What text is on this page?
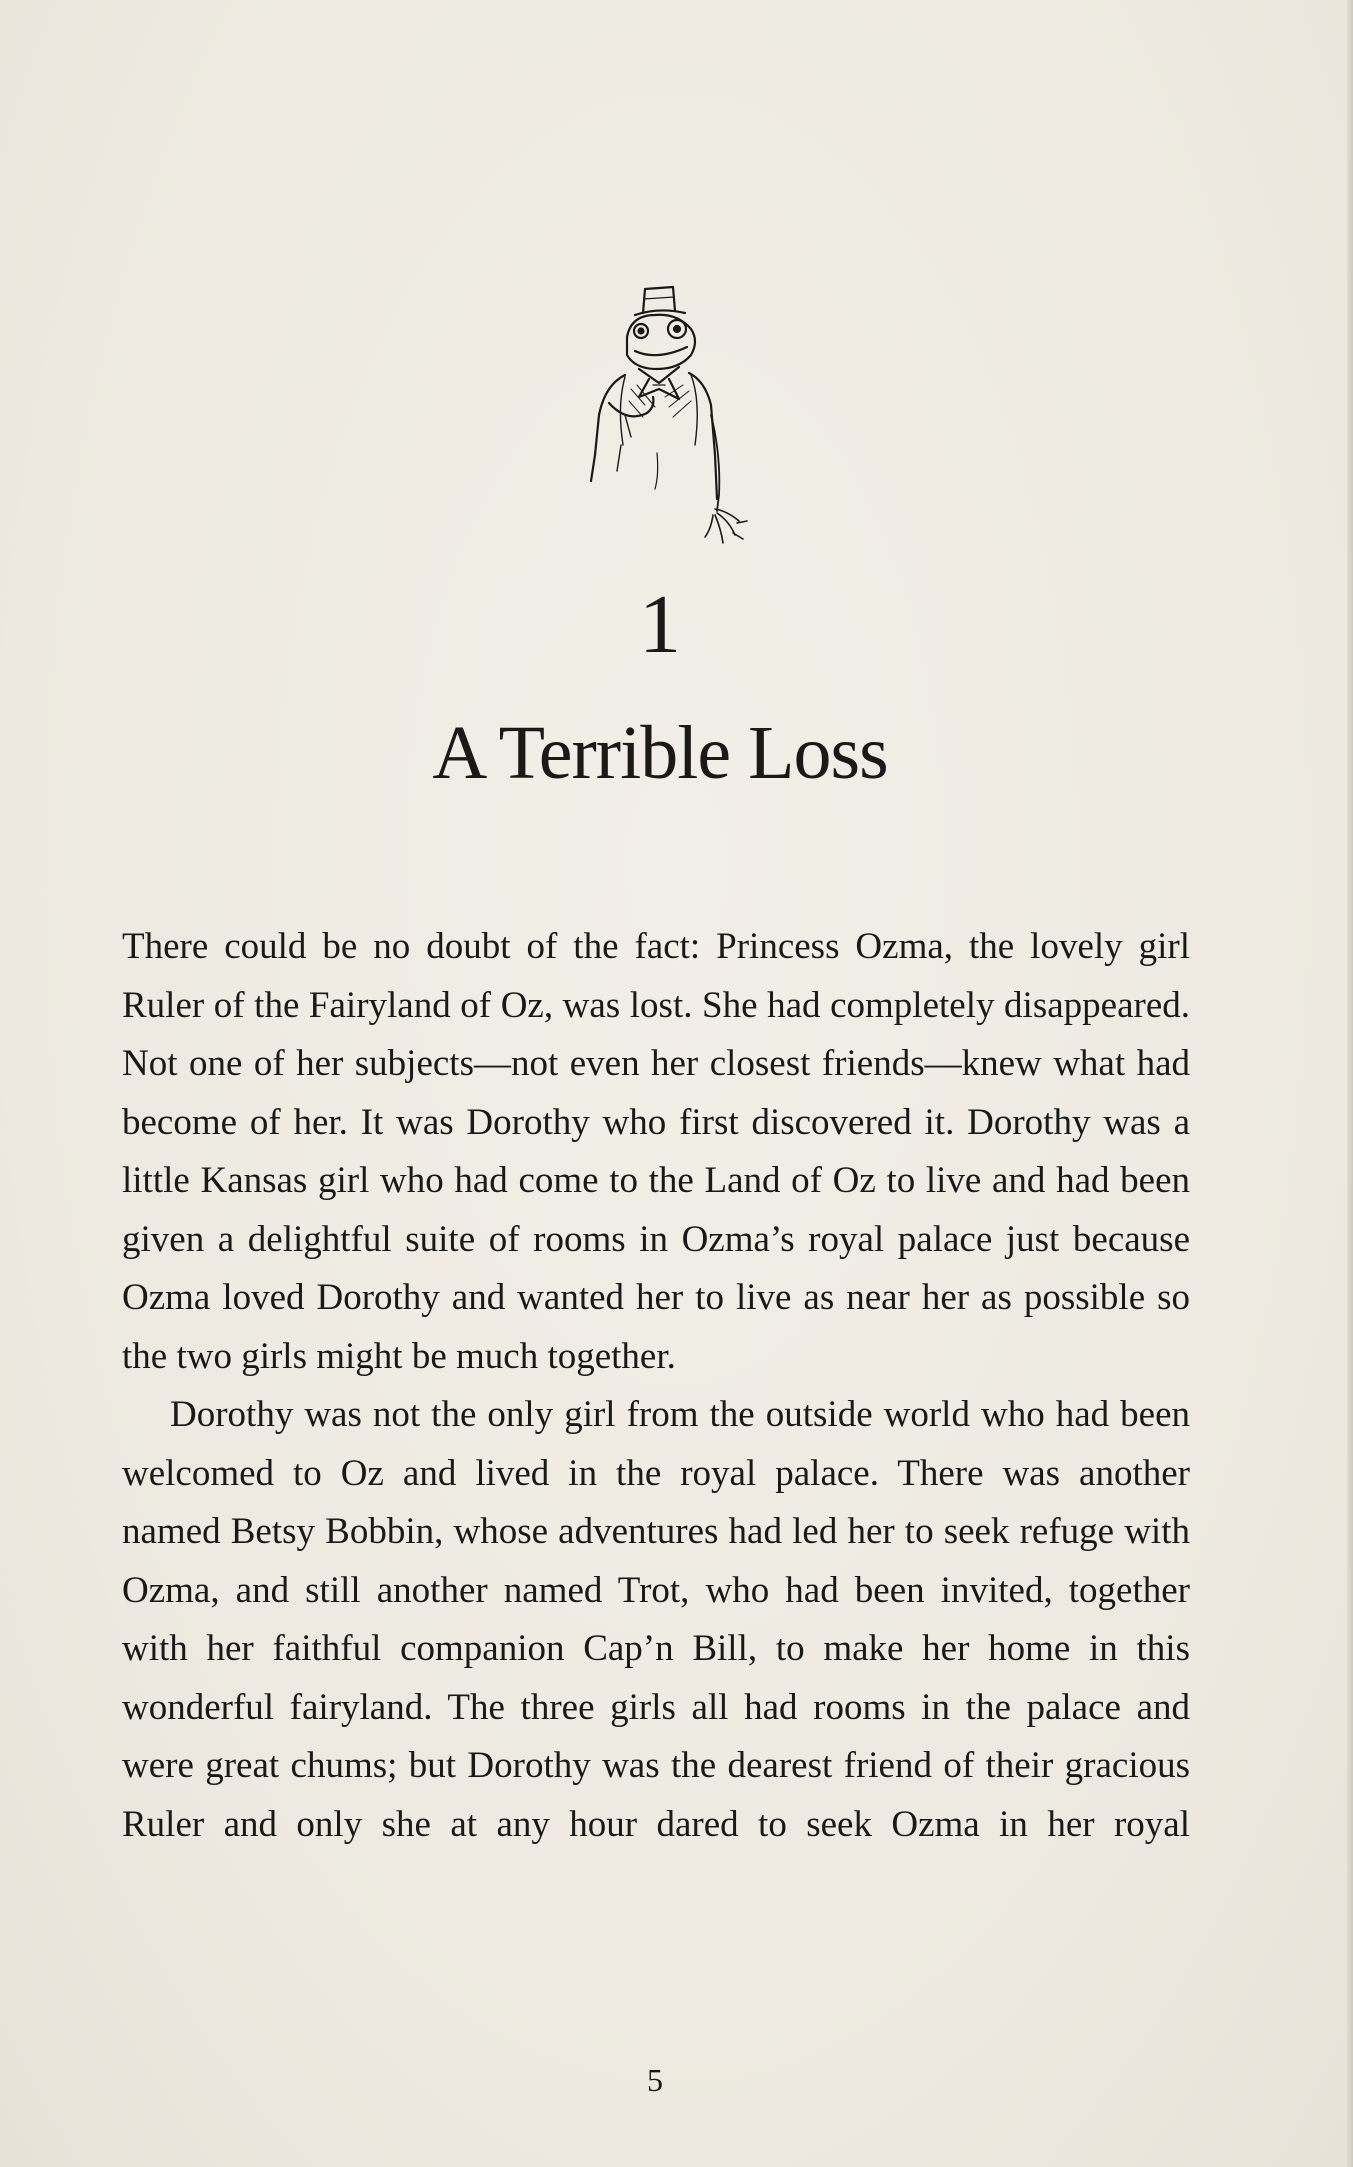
1
A Terrible Loss

There could be no doubt of the fact: Princess Ozma, the lovely girl Ruler of the Fairyland of Oz, was lost. She had completely disappeared. Not one of her subjects—not even her closest friends—knew what had become of her. It was Dorothy who first discovered it. Dorothy was a little Kansas girl who had come to the Land of Oz to live and had been given a delightful suite of rooms in Ozma’s royal palace just because Ozma loved Dorothy and wanted her to live as near her as possible so the two girls might be much together.

Dorothy was not the only girl from the outside world who had been welcomed to Oz and lived in the royal palace. There was another named Betsy Bobbin, whose adventures had led her to seek refuge with Ozma, and still another named Trot, who had been invited, together with her faithful companion Cap’n Bill, to make her home in this wonderful fairyland. The three girls all had rooms in the palace and were great chums; but Dorothy was the dearest friend of their gracious Ruler and only she at any hour dared to seek Ozma in her royal

5
